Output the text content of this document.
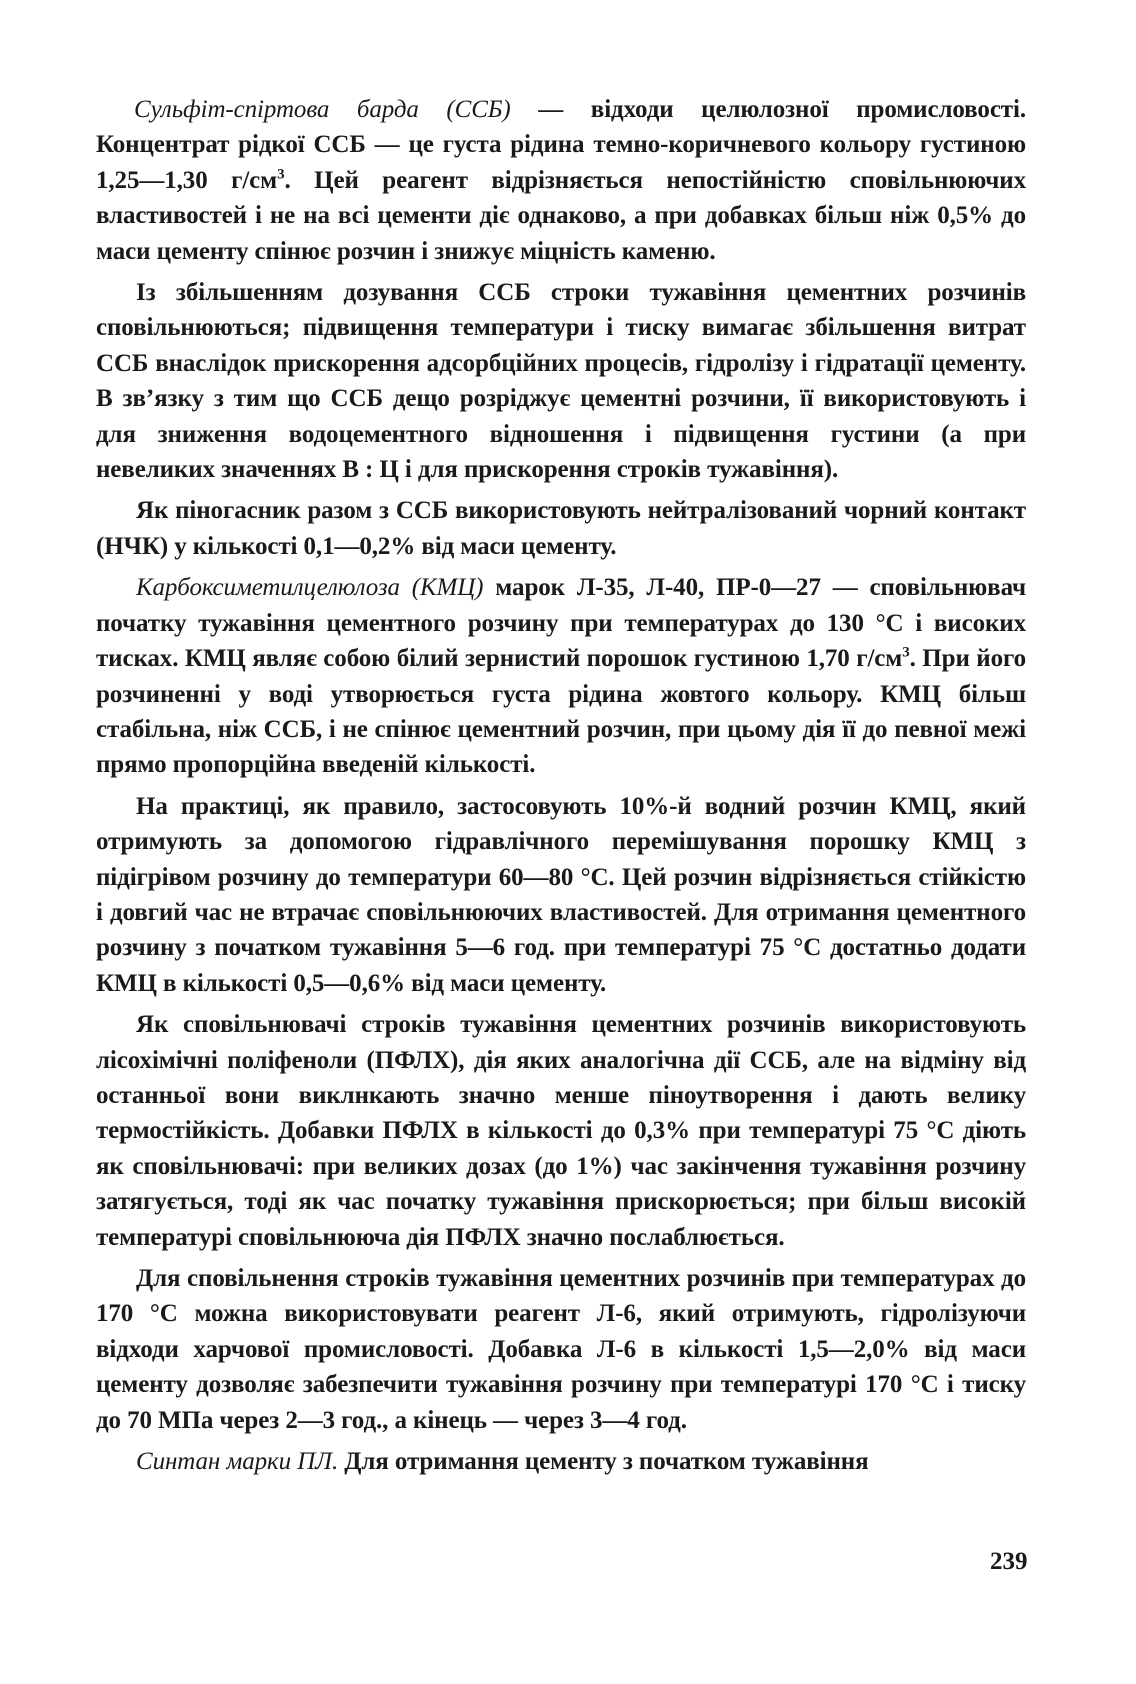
Сульфіт-спіртова барда (ССБ) — відходи целюлозної промисловості. Концентрат рідкої ССБ — це густа рідина темно-коричневого кольору густиною 1,25—1,30 $г/см^3$. Цей реагент відрізняється непостійністю сповільнюючих властивостей і не на всі цементи діє однаково, а при добавках більш ніж 0,5% до маси цементу спінює розчин і знижує міцність каменю.

Із збільшенням дозування ССБ строки тужавіння цементних розчинів сповільнюються; підвищення температури і тиску вимагає збільшення витрат ССБ внаслідок прискорення адсорбційних процесів, гідролізу і гідратації цементу. В зв’язку з тим що ССБ дещо розріджує цементні розчини, її використовують і для зниження водоцементного відношення і підвищення густини (а при невеликих значеннях В : Ц і для прискорення строків тужавіння).

Як піногасник разом з ССБ використовують нейтралізований чорний контакт (НЧК) у кількості 0,1—0,2% від маси цементу.

Карбоксиметилцелюлоза (КМЦ) марок Л-35, Л-40, ПР-0—27 — сповільнювач початку тужавіння цементного розчину при температурах до 130 °С і високих тисках. КМЦ являє собою білий зернистий порошок густиною 1,70 $г/см^3$. При його розчиненні у воді утворюється густа рідина жовтого кольору. КМЦ більш стабільна, ніж ССБ, і не спінює цементний розчин, при цьому дія її до певної межі прямо пропорційна введеній кількості.

На практиці, як правило, застосовують 10%-й водний розчин КМЦ, який отримують за допомогою гідравлічного перемішування порошку КМЦ з підігрівом розчину до температури 60—80 °С. Цей розчин відрізняється стійкістю і довгий час не втрачає сповільнюючих властивостей. Для отримання цементного розчину з початком тужавіння 5—6 год. при температурі 75 °С достатньо додати КМЦ в кількості 0,5—0,6% від маси цементу.

Як сповільнювачі строків тужавіння цементних розчинів використовують лісохімічні поліфеноли (ПФЛХ), дія яких аналогічна дії ССБ, але на відміну від останньої вони виклнкають значно менше піноутворення і дають велику термостійкість. Добавки ПФЛХ в кількості до 0,3% при температурі 75 °С діють як сповільнювачі: при великих дозах (до 1%) час закінчення тужавіння розчину затягується, тоді як час початку тужавіння прискорюється; при більш високій температурі сповільнююча дія ПФЛХ значно послаблюється.

Для сповільнення строків тужавіння цементних розчинів при температурах до 170 °С можна використовувати реагент Л-6, який отримують, гідролізуючи відходи харчової промисловості. Добавка Л-6 в кількості 1,5—2,0% від маси цементу дозволяє забезпечити тужавіння розчину при температурі 170 °С і тиску до 70 МПа через 2—3 год., а кінець — через 3—4 год.

Синтан марки ПЛ. Для отримання цементу з початком тужавіння

239
